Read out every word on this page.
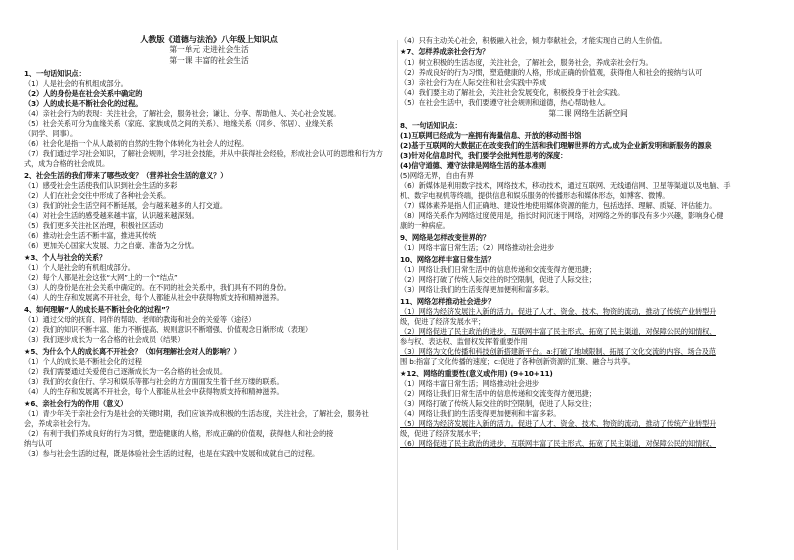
人教版《道德与法治》八年级上知识点
第一单元 走进社会生活
第一课 丰富的社会生活
1、一句话知识点：
（1）人是社会的有机组成部分。
（2）人的身份是在社会关系中确定的
（3）人的成长是不断社会化的过程。
（4）亲社会行为的表现：关注社会，了解社会，服务社会；谦让、分享、帮助他人、关心社会发展。
（5）社会关系可分为血缘关系（家庭、家族成员之间的关系）、地缘关系（同乡、邻居）、业缘关系
（同学、同事）。
（6）社会化是指一个从人最初的自然的生物个体转化为社会人的过程。
（7）我们通过学习社会知识，了解社会规则，学习社会技能，并从中获得社会经验，形成社会认可的思维和行为方
式，成为合格的社会成员。
2、社会生活的我们带来了哪些改变？（营养社会生活的意义？）
（1）感受社会生活使我们认识到社会生活的多彩
（2）人们在社会交往中形成了各种社会关系。
（3）我们的社会生活空间不断延展，会与越来越多的人打交道。
（4）对社会生活的感受越来越丰富，认识越来越深刻。
（5）我们更多关注社区治理，积极社区活动
（6）推动社会生活不断丰富，推进其传统
（6）更加关心国家大发展、力之自豪、准备为之分忧。
★3、个人与社会的关系？
（1）个人是社会的有机组成部分。
（2）每个人都是社会这张“大网”上的一个“结点”
（3）人的身份是在社会关系中确定的。在不同的社会关系中，我们具有不同的身份。
（4）人的生存和发展离不开社会，每个人都能从社会中获得物质支持和精神滋养。
4、如何理解“人的成长是不断社会化的过程”？
（1）通过父母的抚育、同伴的帮助、老师的教诲和社会的关爱等（途径）
（2）我们的知识不断丰富、能力不断提高、规则意识不断增强、价值观念日渐形成（表现）
（3）我们逐步成长为一名合格的社会成员（结果）
★5、为什么个人的成长离不开社会？（如何理解社会对人的影响？）
（1）个人的成长是不断社会化的过程
（2）我们需要通过关爱使自己逐渐成长为一名合格的社会成员。
（3）我们的衣食住行、学习和娱乐等都与社会的方方面面发生着千丝万缕的联系。
（4）人的生存和发展离不开社会，每个人都能从社会中获得物质支持和精神滋养。
★6、亲社会行为的作用（意义）
（1）青少年关于亲社会行为是社会的关键时期，我们应该养成积极的生活态度，关注社会，了解社会，服务社
会，养成亲社会行为。
（2）有利于我们养成良好的行为习惯，塑造健康的人格，形成正确的价值观，获得他人和社会的接
纳与认可
（3）参与社会生活的过程，既是体验社会生活的过程，也是在实践中发展和成就自己的过程。
（4）只有主动关心社会，积极融入社会，倾力奉献社会，才能实现自己的人生价值。
★7、怎样养成亲社会行为？
（1）树立积极的生活态度，关注社会，了解社会，服务社会，养成亲社会行为。
（2）养成良好的行为习惯，塑造健康的人格，形成正确的价值观，获得他人和社会的接纳与认可
（3）亲社会行为在人际交往和社会实践中养成
（4）我们要主动了解社会，关注社会发展变化，积极投身于社会实践。
（5）在社会生活中，我们要遵守社会规则和道德，热心帮助他人。
第二课 网络生活新空间
8、一句话知识点：
(1)互联网已经成为一座拥有海量信息、开放的移动图书馆
(2)基于互联网的大数据正在改变我们的生活和我们理解世界的方式,成为企业新发明和新服务的源泉
(3)针对化信息时代，我们要学会批判性思考的深度：
(4)信守道德、遵守法律是网络生活的基本准则
(5)网络无界，自由有界
（6）新媒体是利用数字技术，网络技术，移动技术，通过互联网、无线通信网、卫星等渠道以及电脑、手
机、数字电视机等终端，提供信息和娱乐服务的传播形态和媒体形态，如博客、微博。
（7）媒体素养是指人们正确地、建设性地使用媒体资源的能力，包括选择、理解、质疑、评估能力。
（8）网络关系作为网络过度使用是，指长时间沉迷于网络，对网络之外的事没有多少兴趣，影响身心健
康的一种病症。
9、网络是怎样改变世界的？
（1）网络丰富日常生活；（2）网络推动社会进步
10、网络怎样丰富日常生活？
（1）网络让我们日常生活中的信息传递和交流变得方便迅捷；
（2）网络打破了传统人际交往的时空限制，促进了人际交往；
（3）网络让我们的生活变得更加便利和富多彩。
11、网络怎样推动社会进步？
（1）网络为经济发展注入新的活力。促进了人才、资金、技术、物资的流动，推动了传统产业转型升
级，促进了经济发展水平；
（2）网络促进了民主政治的进步，互联网丰富了民主形式、拓宽了民主渠道，对保障公民的知情权、
参与权、表达权、监督权发挥着重要作用
（3）网络为文化传播和科技创新搭建新平台。a:打破了地域限制、拓展了文化交流的内容、场合及范
围 b:指富了文化传播的速度；c:促进了各种创新资源的汇聚、融合与共享。
★12、网络的重要性(意义或作用) (9+10+11)
（1）网络丰富日常生活；网络推动社会进步
（2）网络让我们日常生活中的信息传递和交流变得方便迅捷；
（3）网络打破了传统人际交往的时空限制，促进了人际交往；
（4）网络让我们的生活变得更加便利和丰富多彩。
（5）网络为经济发展注入新的活力。促进了人才、资金、技术、物资的流动，推动了传统产业转型升
级，促进了经济发展水平；
（6）网络促进了民主政治的进步，互联网丰富了民主形式、拓宽了民主渠道，对保障公民的知情权、
